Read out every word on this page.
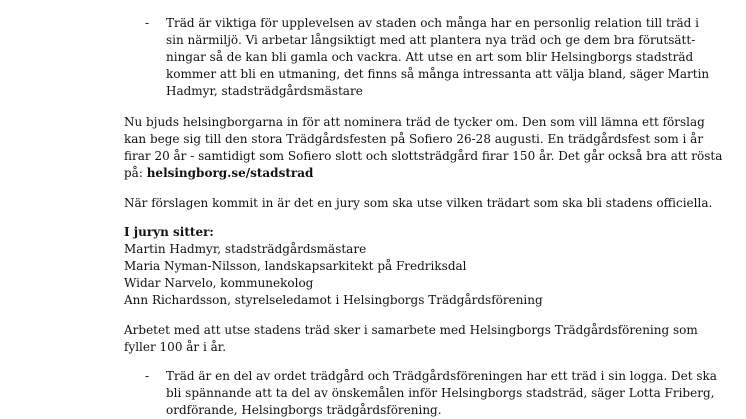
- Träd är viktiga för upplevelsen av staden och många har en personlig relation till träd i
sin närmiljö. Vi arbetar långsiktigt med att plantera nya träd och ge dem bra förutsätt-
ningar så de kan bli gamla och vackra. Att utse en art som blir Helsingborgs stadsträd
kommer att bli en utmaning, det finns så många intressanta att välja bland, säger Martin
Hadmyr, stadsträdgårdsmästare
Nu bjuds helsingborgarna in för att nominera träd de tycker om. Den som vill lämna ett förslag
kan bege sig till den stora Trädgårdsfesten på Sofiero 26-28 augusti. En trädgårdsfest som i år
firar 20 år - samtidigt som Sofiero slott och slottsträdgård firar 150 år. Det går också bra att rösta
på: helsingborg.se/stadstrad
När förslagen kommit in är det en jury som ska utse vilken trädart som ska bli stadens officiella.
I juryn sitter:
Martin Hadmyr, stadsträdgårdsmästare
Maria Nyman-Nilsson, landskapsarkitekt på Fredriksdal
Widar Narvelo, kommunekolog
Ann Richardsson, styrelseledamot i Helsingborgs Trädgårdsförening
Arbetet med att utse stadens träd sker i samarbete med Helsingborgs Trädgårdsförening som
fyller 100 år i år.
- Träd är en del av ordet trädgård och Trädgårdsföreningen har ett träd i sin logga. Det ska
bli spännande att ta del av önskemålen inför Helsingborgs stadsträd, säger Lotta Friberg,
ordförande, Helsingborgs trädgårdsförening.
